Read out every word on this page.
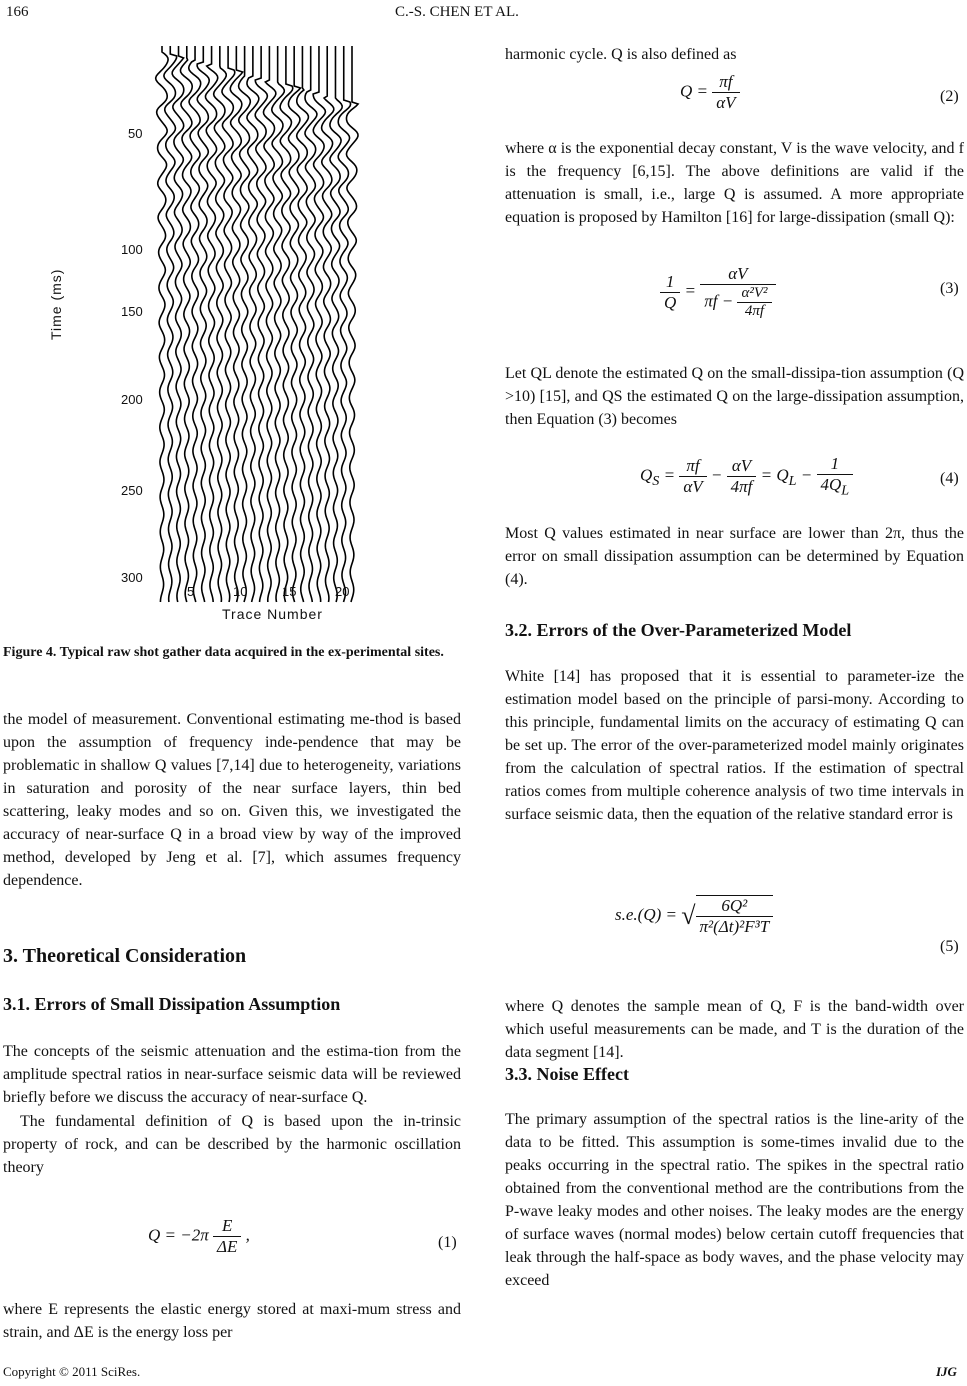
166	C.-S. CHEN ET AL.
Time (ms)
50
100
150
200
250
300
5	10	15	20
Trace Number
Figure 4. Typical raw shot gather data acquired in the ex-perimental sites.

the model of measurement. Conventional estimating me-thod is based upon the assumption of frequency inde-pendence that may be problematic in shallow Q values [7,14] due to heterogeneity, variations in saturation and porosity of the near surface layers, thin bed scattering, leaky modes and so on. Given this, we investigated the accuracy of near-surface Q in a broad view by way of the improved method, developed by Jeng et al. [7], which assumes frequency dependence.

3. Theoretical Consideration
3.1. Errors of Small Dissipation Assumption

The concepts of the seismic attenuation and the estima-tion from the amplitude spectral ratios in near-surface seismic data will be reviewed briefly before we discuss the accuracy of near-surface Q.

The fundamental definition of Q is based upon the in-trinsic property of rock, and can be described by the harmonic oscillation theory

$Q = -2\pi \frac{E}{\Delta E}$ ,	(1)

where E represents the elastic energy stored at maxi-mum stress and strain, and ΔE is the energy loss per

harmonic cycle. Q is also defined as

$Q = \frac{\pi f}{\alpha V}$	(2)

where α is the exponential decay constant, V is the wave velocity, and f is the frequency [6,15]. The above definitions are valid if the attenuation is small, i.e., large Q is assumed. A more appropriate equation is proposed by Hamilton [16] for large-dissipation (small Q):

$\frac{1}{Q} = \frac{\alpha V}{\pi f - \frac{\text{α²V²}}{4\pi f}}$	(3)

Let QL denote the estimated Q on the small-dissipa-tion assumption (Q >10) [15], and QS the estimated Q on the large-dissipation assumption, then Equation (3) becomes

$Q_S = \frac{\pi f}{\alpha V} - \frac{\alpha V}{4\pi f} = Q_L - \frac{1}{4Q_L}$	(4)

Most Q values estimated in near surface are lower than 2π, thus the error on small dissipation assumption can be determined by Equation (4).

3.2. Errors of the Over-Parameterized Model

White [14] has proposed that it is essential to parameter-ize the estimation model based on the principle of parsi-mony. According to this principle, fundamental limits on the accuracy of estimating Q can be set up. The error of the over-parameterized model mainly originates from the calculation of spectral ratios. If the estimation of spectral ratios comes from multiple coherence analysis of two time intervals in surface seismic data, then the equation of the relative standard error is

s.e.(Q) = √ $\frac{\text{6Q²}}{\text{π²(Δt)²F³T}}$
(5)

where Q denotes the sample mean of Q, F is the band-width over which useful measurements can be made, and T is the duration of the data segment [14].

3.3. Noise Effect

The primary assumption of the spectral ratios is the line-arity of the data to be fitted. This assumption is some-times invalid due to the peaks occurring in the spectral ratio. The spikes in the spectral ratio obtained from the conventional method are the contributions from the P-wave leaky modes and other noises. The leaky modes are the energy of surface waves (normal modes) below certain cutoff frequencies that leak through the half-space as body waves, and the phase velocity may exceed

Copyright © 2011 SciRes.	IJG
